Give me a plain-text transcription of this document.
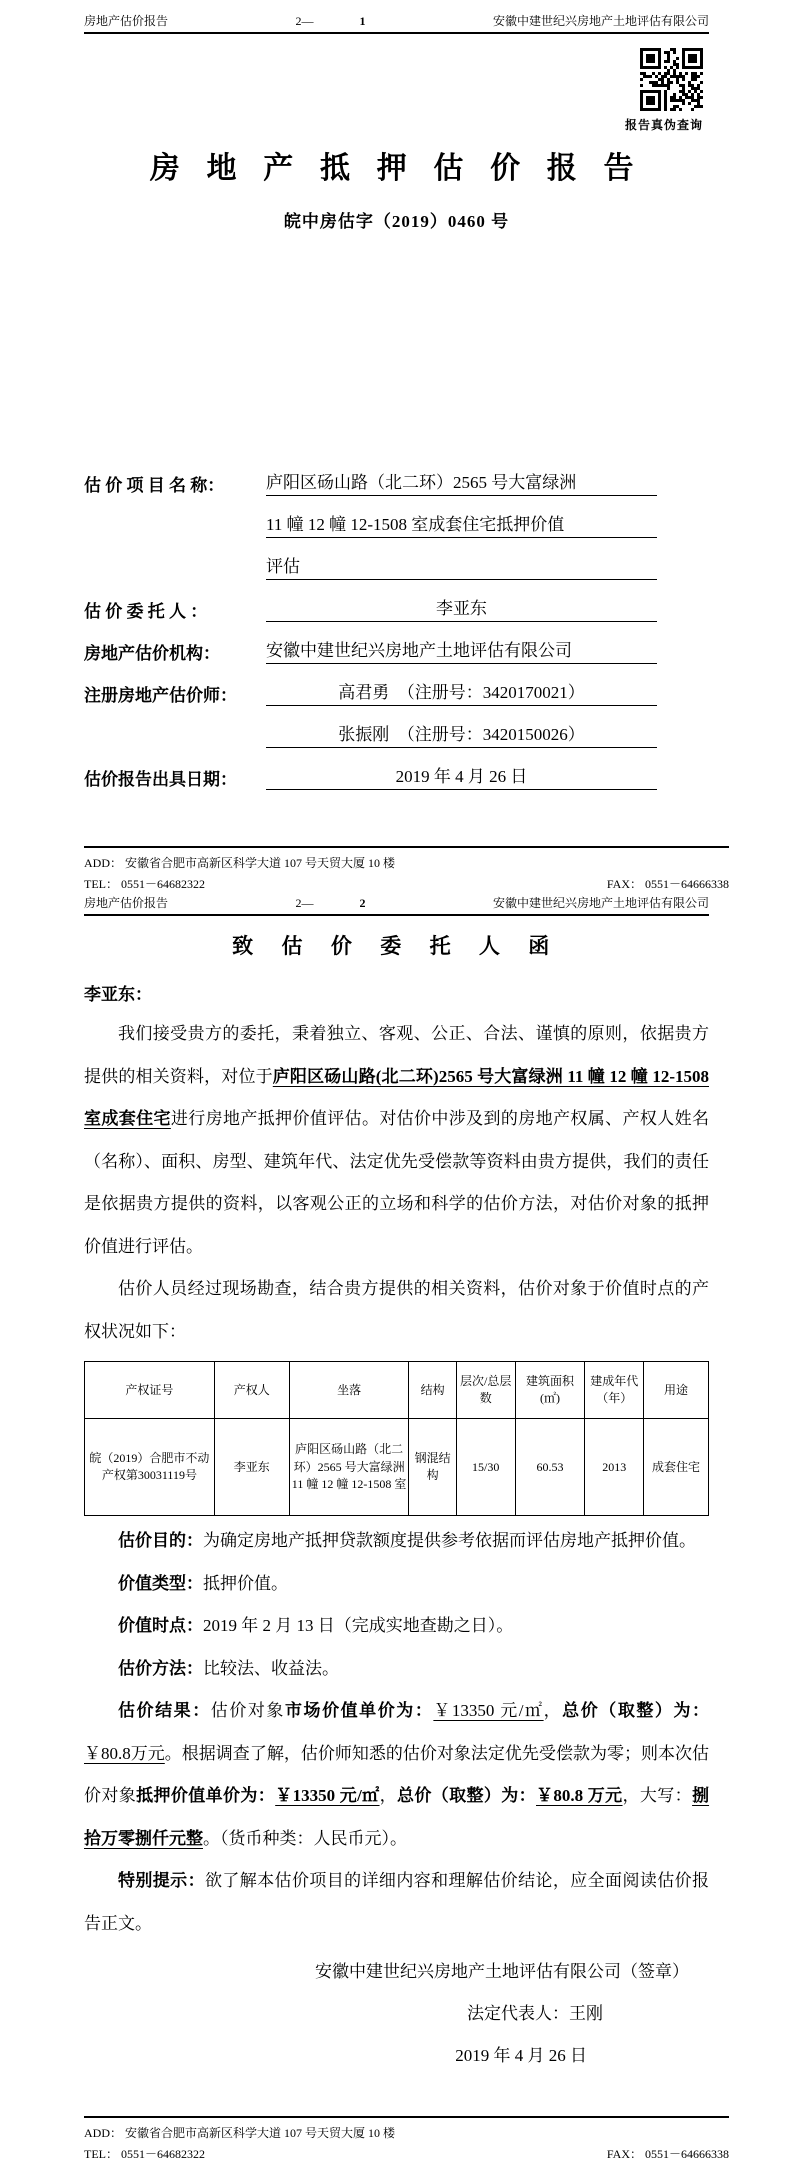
房地产估价报告	2—	1	安徽中建世纪兴房地产土地评估有限公司
报告真伪查询
房 地 产 抵 押 估 价 报 告
皖中房估字（2019）0460 号
估 价 项 目 名 称：	庐阳区砀山路（北二环）2565 号大富绿洲
11 幢 12 幢 12-1508 室成套住宅抵押价值
评估
估 价 委 托 人 ：	李亚东
房地产估价机构：	安徽中建世纪兴房地产土地评估有限公司
注册房地产估价师：	高君勇　（注册号：3420170021）
张振刚　（注册号：3420150026）
估价报告出具日期：	2019 年 4 月 26 日
ADD： 安徽省合肥市高新区科学大道 107 号天贸大厦 10 楼
TEL： 0551－64682322	FAX： 0551－64666338
房地产估价报告	2—	2	安徽中建世纪兴房地产土地评估有限公司
致 估 价 委 托 人 函

李亚东：

我们接受贵方的委托，秉着独立、客观、公正、合法、谨慎的原则，依据贵方提供的相关资料，对位于庐阳区砀山路(北二环)2565 号大富绿洲 11 幢 12 幢 12-1508 室成套住宅进行房地产抵押价值评估。对估价中涉及到的房地产权属、产权人姓名（名称）、面积、房型、建筑年代、法定优先受偿款等资料由贵方提供，我们的责任是依据贵方提供的资料，以客观公正的立场和科学的估价方法，对估价对象的抵押价值进行评估。

估价人员经过现场勘查，结合贵方提供的相关资料，估价对象于价值时点的产权状况如下：

产权证号	产权人	坐落	结构	层次/总层数	建筑面积(㎡)	建成年代（年）	用途
皖（2019）合肥市不动产权第30031119号	李亚东	庐阳区砀山路（北二环）2565 号大富绿洲 11 幢 12 幢 12-1508 室	钢混结构	15/30	60.53	2013	成套住宅

估价目的：为确定房地产抵押贷款额度提供参考依据而评估房地产抵押价值。

价值类型：抵押价值。

价值时点：2019 年 2 月 13 日（完成实地查勘之日）。

估价方法：比较法、收益法。

估价结果：估价对象市场价值单价为：￥13350 元/㎡，总价（取整）为：￥80.8万元。根据调查了解，估价师知悉的估价对象法定优先受偿款为零；则本次估价对象抵押价值单价为：￥13350 元/㎡，总价（取整）为：￥80.8 万元，大写：捌拾万零捌仟元整。（货币种类：人民币元）。

特别提示：欲了解本估价项目的详细内容和理解估价结论，应全面阅读估价报告正文。

安徽中建世纪兴房地产土地评估有限公司（签章）
法定代表人：王刚
2019 年 4 月 26 日
ADD： 安徽省合肥市高新区科学大道 107 号天贸大厦 10 楼
TEL： 0551－64682322	FAX： 0551－64666338
